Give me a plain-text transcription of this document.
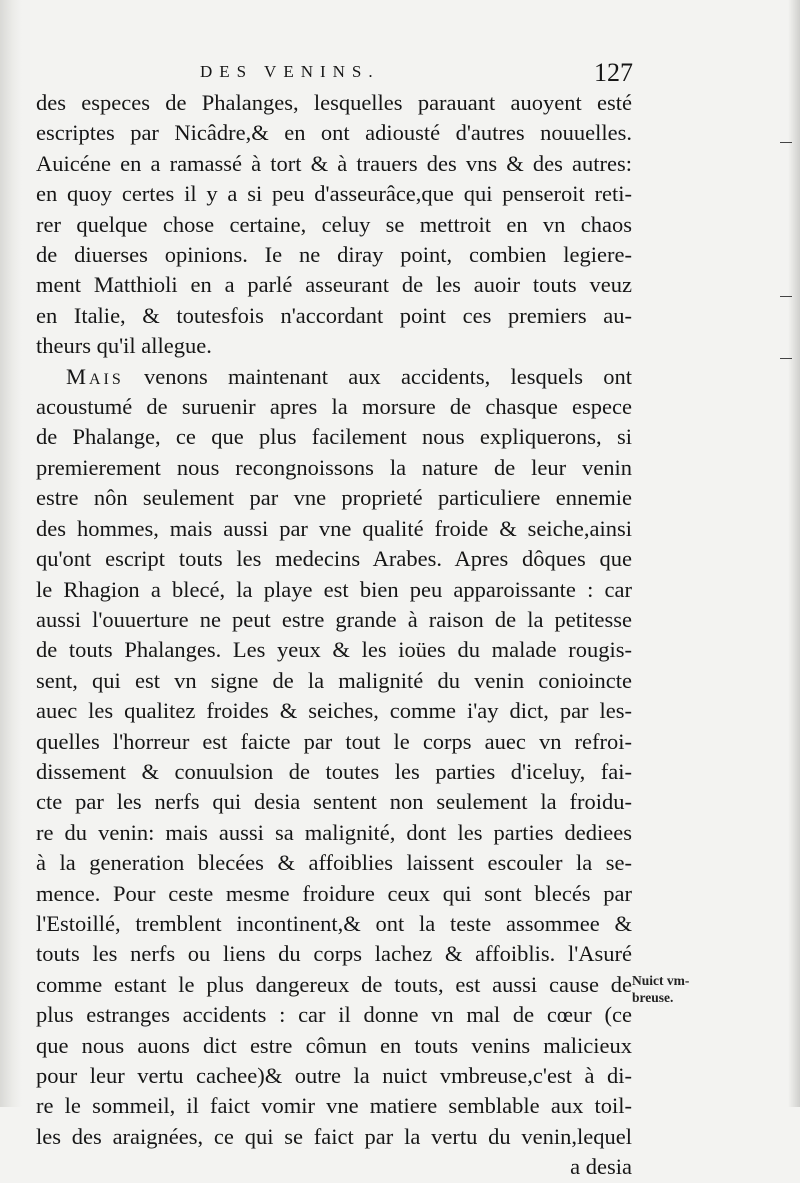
DES VENINS.	127
des especes de Phalanges, lesquelles parauant auoyent esté
escriptes par Nicâdre,& en ont adiousté d'autres nouuelles.
Auicéne en a ramassé à tort & à trauers des vns & des autres:
en quoy certes il y a si peu d'asseurâce,que qui penseroit reti-
rer quelque chose certaine, celuy se mettroit en vn chaos
de diuerses opinions. Ie ne diray point, combien legiere-
ment Matthioli en a parlé asseurant de les auoir touts veuz
en Italie, & toutesfois n'accordant point ces premiers au-
theurs qu'il allegue.
Mais venons maintenant aux accidents, lesquels ont
acoustumé de suruenir apres la morsure de chasque espece
de Phalange, ce que plus facilement nous expliquerons, si
premierement nous recongnoissons la nature de leur venin
estre nôn seulement par vne proprieté particuliere ennemie
des hommes, mais aussi par vne qualité froide & seiche,ainsi
qu'ont escript touts les medecins Arabes. Apres dôques que
le Rhagion a blecé, la playe est bien peu apparoissante : car
aussi l'ouuerture ne peut estre grande à raison de la petitesse
de touts Phalanges. Les yeux & les ioües du malade rougis-
sent, qui est vn signe de la malignité du venin conioincte
auec les qualitez froides & seiches, comme i'ay dict, par les-
quelles l'horreur est faicte par tout le corps auec vn refroi-
dissement & conuulsion de toutes les parties d'iceluy, fai-
cte par les nerfs qui desia sentent non seulement la froidu-
re du venin: mais aussi sa malignité, dont les parties dediees
à la generation blecées & affoiblies laissent escouler la se-
mence. Pour ceste mesme froidure ceux qui sont blecés par
l'Estoillé, tremblent incontinent,& ont la teste assommee &
touts les nerfs ou liens du corps lachez & affoiblis. l'Asuré
comme estant le plus dangereux de touts, est aussi cause de
plus estranges accidents : car il donne vn mal de cœur (ce
que nous auons dict estre cômun en touts venins malicieux
pour leur vertu cachee)& outre la nuict vmbreuse,c'est à di-
re le sommeil, il faict vomir vne matiere semblable aux toil-
les des araignées, ce qui se faict par la vertu du venin,lequel
a desia
Nuict vm-
breuse.
